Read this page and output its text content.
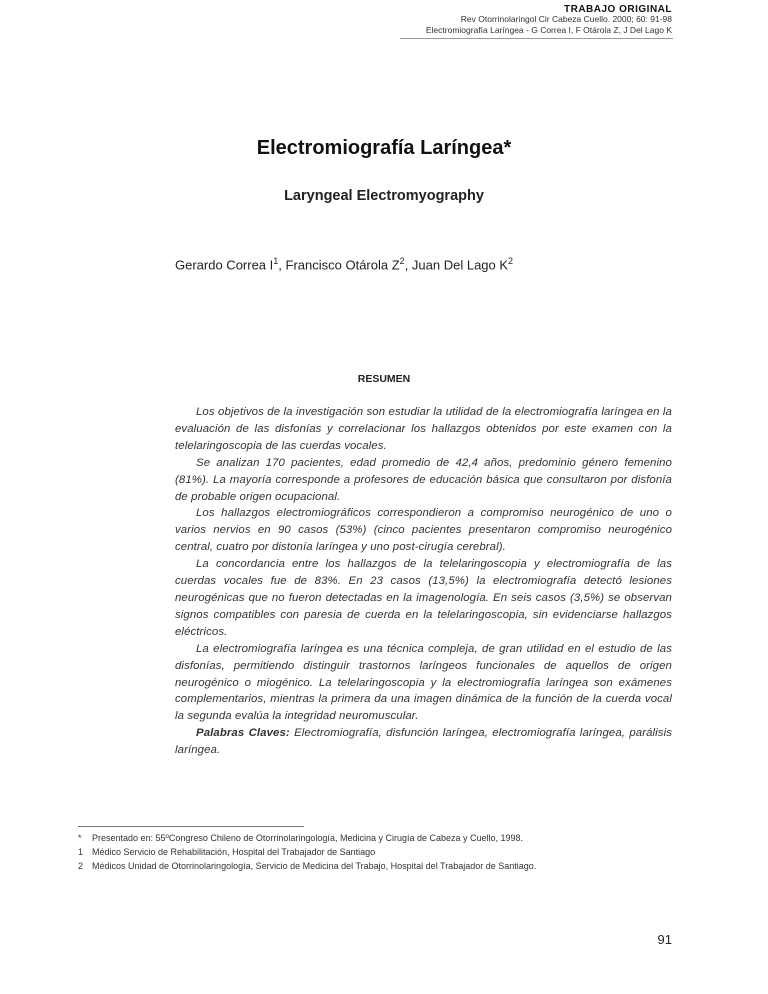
TRABAJO ORIGINAL
Rev Otorrinolaringol Cir Cabeza Cuello. 2000; 60: 91-98
Electromiografía Laríngea - G Correa I, F Otárola Z, J Del Lago K
Electromiografía Laríngea*
Laryngeal Electromyography
Gerardo Correa $I^1$, Francisco Otárola $Z^2$, Juan Del Lago $K^2$
RESUMEN

Los objetivos de la investigación son estudiar la utilidad de la electromiografía laríngea en la evaluación de las disfonías y correlacionar los hallazgos obtenidos por este examen con la telelaringoscopia de las cuerdas vocales.

Se analizan 170 pacientes, edad promedio de 42,4 años, predominio género femenino (81%). La mayoría corresponde a profesores de educación básica que consultaron por disfonía de probable origen ocupacional.

Los hallazgos electromiográficos correspondieron a compromiso neurogénico de uno o varios nervios en 90 casos (53%) (cinco pacientes presentaron compromiso neurogénico central, cuatro por distonía laríngea y uno post-cirugía cerebral).

La concordancia entre los hallazgos de la telelaringoscopia y electromiografía de las cuerdas vocales fue de 83%. En 23 casos (13,5%) la electromiografía detectó lesiones neurogénicas que no fueron detectadas en la imagenología. En seis casos (3,5%) se observan signos compatibles con paresia de cuerda en la telelaringoscopia, sin evidenciarse hallazgos eléctricos.

La electromiografía laríngea es una técnica compleja, de gran utilidad en el estudio de las disfonías, permitiendo distinguir trastornos laríngeos funcionales de aquellos de origen neurogénico o miogénico. La telelaringoscopia y la electromiografía laríngea son exámenes complementarios, mientras la primera da una imagen dinámica de la función de la cuerda vocal la segunda evalúa la integridad neuromuscular.

Palabras Claves: Electromiografía, disfunción laríngea, electromiografía laríngea, parálisis laríngea.

* Presentado en: 55ºCongreso Chileno de Otorrinolaringología, Medicina y Cirugía de Cabeza y Cuello, 1998.
1 Médico Servicio de Rehabilitación, Hospital del Trabajador de Santiago
2 Médicos Unidad de Otorrinolaringología, Servicio de Medicina del Trabajo, Hospital del Trabajador de Santiago.
91
